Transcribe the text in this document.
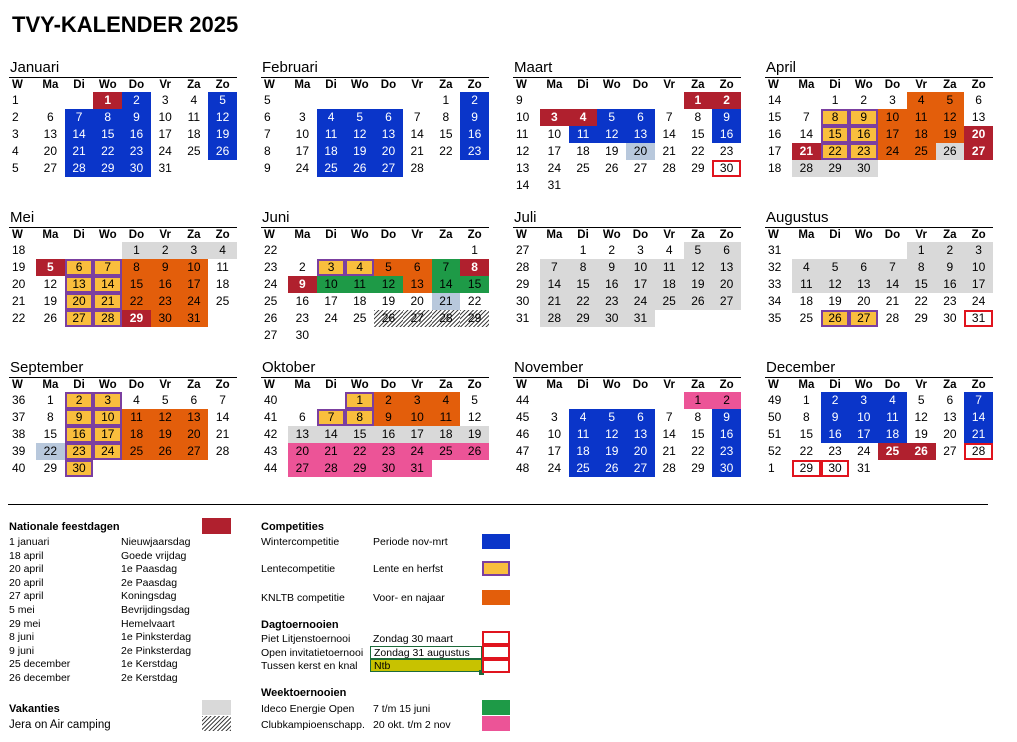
TVY-KALENDER 2025
Januari
W	Ma	Di	Wo	Do	Vr	Za	Zo
1			1	2	3	4	5
2	6	7	8	9	10	11	12
3	13	14	15	16	17	18	19
4	20	21	22	23	24	25	26
5	27	28	29	30	31		
Februari
W	Ma	Di	Wo	Do	Vr	Za	Zo
5						1	2
6	3	4	5	6	7	8	9
7	10	11	12	13	14	15	16
8	17	18	19	20	21	22	23
9	24	25	26	27	28		
Maart
W	Ma	Di	Wo	Do	Vr	Za	Zo
9						1	2
10	3	4	5	6	7	8	9
11	10	11	12	13	14	15	16
12	17	18	19	20	21	22	23
13	24	25	26	27	28	29	30
14	31						
April
W	Ma	Di	Wo	Do	Vr	Za	Zo
14		1	2	3	4	5	6
15	7	8	9	10	11	12	13
16	14	15	16	17	18	19	20
17	21	22	23	24	25	26	27
18	28	29	30				
Mei
W	Ma	Di	Wo	Do	Vr	Za	Zo
18				1	2	3	4
19	5	6	7	8	9	10	11
20	12	13	14	15	16	17	18
21	19	20	21	22	23	24	25
22	26	27	28	29	30	31	
Juni
W	Ma	Di	Wo	Do	Vr	Za	Zo
22							1
23	2	3	4	5	6	7	8
24	9	10	11	12	13	14	15
25	16	17	18	19	20	21	22
26	23	24	25	26	27	28	29
27	30						
Juli
W	Ma	Di	Wo	Do	Vr	Za	Zo
27		1	2	3	4	5	6
28	7	8	9	10	11	12	13
29	14	15	16	17	18	19	20
30	21	22	23	24	25	26	27
31	28	29	30	31			
Augustus
W	Ma	Di	Wo	Do	Vr	Za	Zo
31					1	2	3
32	4	5	6	7	8	9	10
33	11	12	13	14	15	16	17
34	18	19	20	21	22	23	24
35	25	26	27	28	29	30	31
September
W	Ma	Di	Wo	Do	Vr	Za	Zo
36	1	2	3	4	5	6	7
37	8	9	10	11	12	13	14
38	15	16	17	18	19	20	21
39	22	23	24	25	26	27	28
40	29	30					
Oktober
W	Ma	Di	Wo	Do	Vr	Za	Zo
40			1	2	3	4	5
41	6	7	8	9	10	11	12
42	13	14	15	16	17	18	19
43	20	21	22	23	24	25	26
44	27	28	29	30	31		
November
W	Ma	Di	Wo	Do	Vr	Za	Zo
44						1	2
45	3	4	5	6	7	8	9
46	10	11	12	13	14	15	16
47	17	18	19	20	21	22	23
48	24	25	26	27	28	29	30
December
W	Ma	Di	Wo	Do	Vr	Za	Zo
49	1	2	3	4	5	6	7
50	8	9	10	11	12	13	14
51	15	16	17	18	19	20	21
52	22	23	24	25	26	27	28
1	29	30	31				
Nationale feestdagen
1 januari	Nieuwjaarsdag
18 april	Goede vrijdag
20 april	1e Paasdag
20 april	2e Paasdag
27 april	Koningsdag
5 mei	Bevrijdingsdag
29 mei	Hemelvaart
8 juni	1e Pinksterdag
9 juni	2e Pinksterdag
25 december	1e Kerstdag
26 december	2e Kerstdag
Vakanties
Jera on Air camping
Competities
Wintercompetitie	Periode nov-mrt
Lentecompetitie	Lente en herfst
KNLTB competitie	Voor- en najaar
Dagtoernooien
Piet Litjenstoernooi Zondag 30 maart
Open invitatietoernooi	Zondag 31 augustus
Tussen kerst en knal	Ntb
Weektoernooien
Ideco Energie Open 7 t/m 15 juni
Clubkampioenschapp. 20 okt. t/m 2 nov
